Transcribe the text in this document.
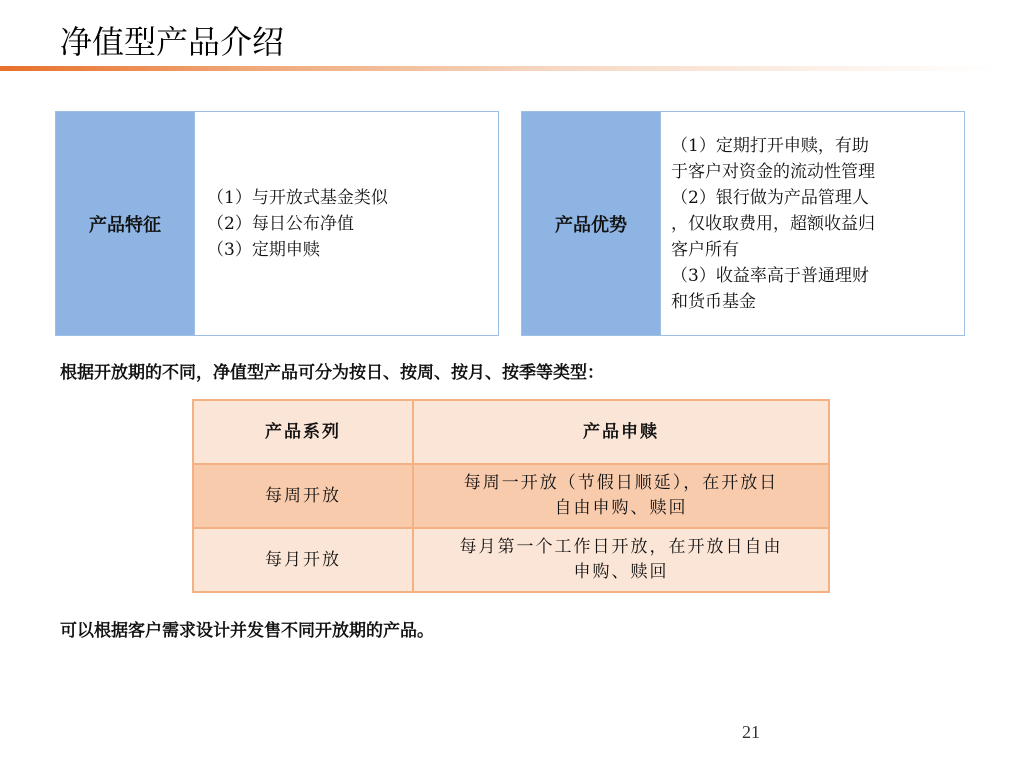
净值型产品介绍
产品特征
（1）与开放式基金类似
（2）每日公布净值
（3）定期申赎
产品优势
（1）定期打开申赎，有助
于客户对资金的流动性管理
（2）银行做为产品管理人
，仅收取费用，超额收益归
客户所有
（3）收益率高于普通理财
和货币基金
根据开放期的不同，净值型产品可分为按日、按周、按月、按季等类型：
产品系列	产品申赎
每周开放	每周一开放（节假日顺延），在开放日
自由申购、赎回

每月开放	每月第一个工作日开放，在开放日自由
申购、赎回
可以根据客户需求设计并发售不同开放期的产品。
21
